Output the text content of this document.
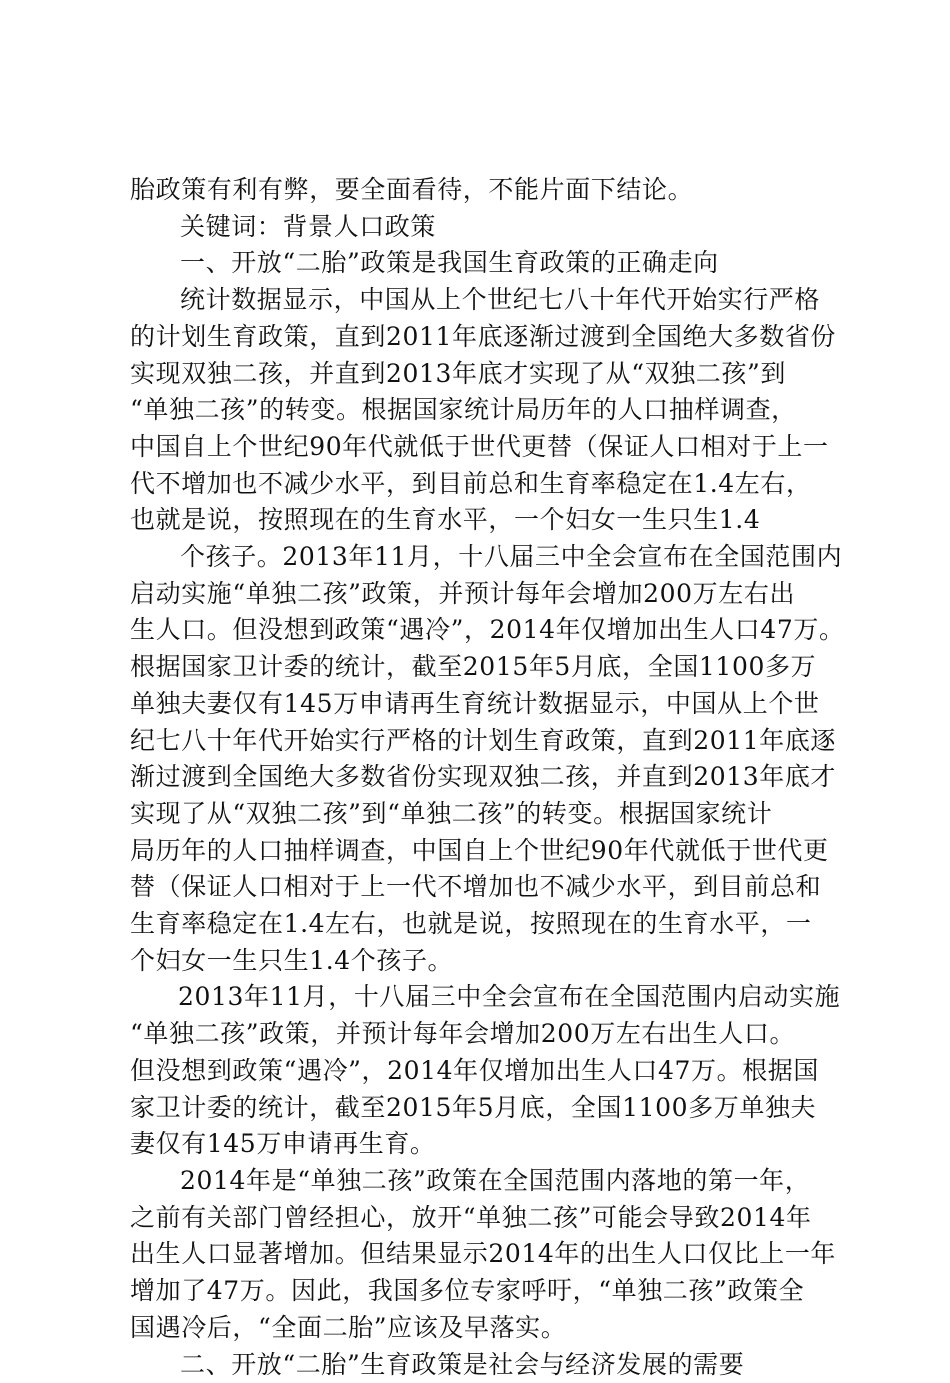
胎政策有利有弊，要全面看待，不能片面下结论。

关键词：背景人口政策

一、开放“二胎”政策是我国生育政策的正确走向

统计数据显示，中国从上个世纪七八十年代开始实行严格
的计划生育政策，直到2011年底逐渐过渡到全国绝大多数省份
实现双独二孩，并直到2013年底才实现了从“双独二孩”到
“单独二孩”的转变。根据国家统计局历年的人口抽样调查，
中国自上个世纪90年代就低于世代更替（保证人口相对于上一
代不增加也不减少水平，到目前总和生育率稳定在1.4左右，
也就是说，按照现在的生育水平，一个妇女一生只生1.4

个孩子。2013年11月，十八届三中全会宣布在全国范围内
启动实施“单独二孩”政策，并预计每年会增加200万左右出
生人口。但没想到政策“遇冷”，2014年仅增加出生人口47万。
根据国家卫计委的统计，截至2015年5月底，全国1100多万
单独夫妻仅有145万申请再生育统计数据显示，中国从上个世
纪七八十年代开始实行严格的计划生育政策，直到2011年底逐
渐过渡到全国绝大多数省份实现双独二孩，并直到2013年底才
实现了从“双独二孩”到“单独二孩”的转变。根据国家统计
局历年的人口抽样调查，中国自上个世纪90年代就低于世代更
替（保证人口相对于上一代不增加也不减少水平，到目前总和
生育率稳定在1.4左右，也就是说，按照现在的生育水平，一
个妇女一生只生1.4个孩子。

2013年11月，十八届三中全会宣布在全国范围内启动实施
“单独二孩”政策，并预计每年会增加200万左右出生人口。
但没想到政策“遇冷”，2014年仅增加出生人口47万。根据国
家卫计委的统计，截至2015年5月底，全国1100多万单独夫
妻仅有145万申请再生育。

2014年是“单独二孩”政策在全国范围内落地的第一年，
之前有关部门曾经担心，放开“单独二孩”可能会导致2014年
出生人口显著增加。但结果显示2014年的出生人口仅比上一年
增加了47万。因此，我国多位专家呼吁，“单独二孩”政策全
国遇冷后，“全面二胎”应该及早落实。

二、开放“二胎”生育政策是社会与经济发展的需要
